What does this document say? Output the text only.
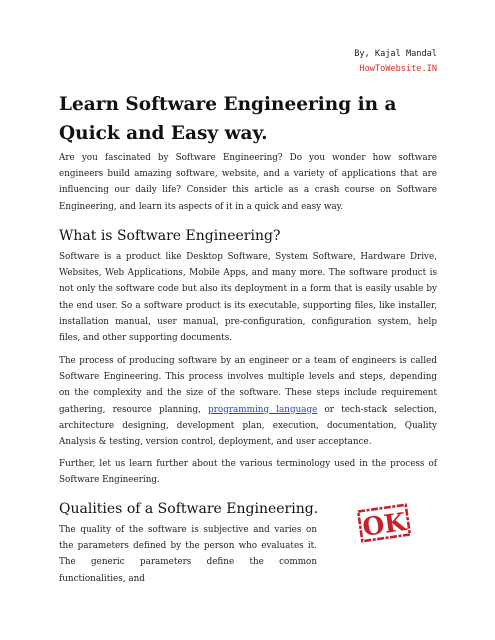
By, Kajal Mandal
HowToWebsite.IN
Learn Software Engineering in a Quick and Easy way.

Are you fascinated by Software Engineering? Do you wonder how software engineers build amazing software, website, and a variety of applications that are influencing our daily life? Consider this article as a crash course on Software Engineering, and learn its aspects of it in a quick and easy way.

What is Software Engineering?

Software is a product like Desktop Software, System Software, Hardware Drive, Websites, Web Applications, Mobile Apps, and many more. The software product is not only the software code but also its deployment in a form that is easily usable by the end user. So a software product is its executable, supporting files, like installer, installation manual, user manual, pre-configuration, configuration system, help files, and other supporting documents.

The process of producing software by an engineer or a team of engineers is called Software Engineering. This process involves multiple levels and steps, depending on the complexity and the size of the software. These steps include requirement gathering, resource planning, programming language or tech-stack selection, architecture designing, development plan, execution, documentation, Quality Analysis & testing, version control, deployment, and user acceptance.

Further, let us learn further about the various terminology used in the process of Software Engineering.

Qualities of a Software Engineering.

The quality of the software is subjective and varies on the parameters defined by the person who evaluates it. The generic parameters define the common functionalities, and

OK
